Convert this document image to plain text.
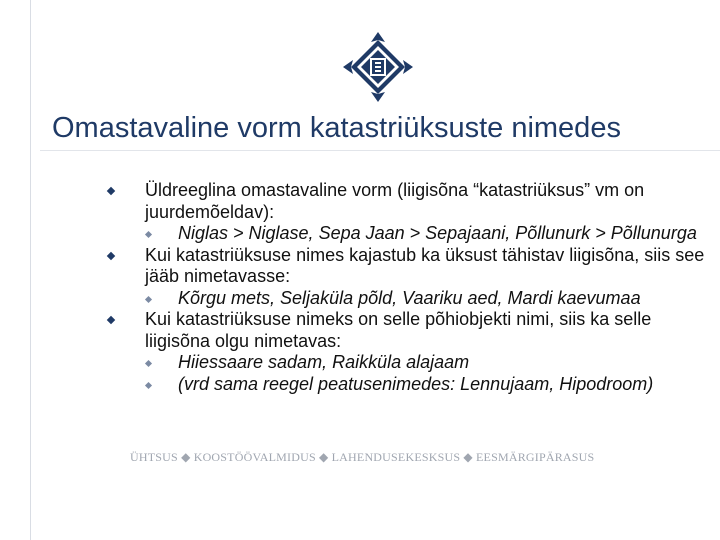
Omastavaline vorm katastriüksuste nimedes
Üldreeglina omastavaline vorm (liigisõna “katastriüksus” vm on juurdemõeldav):
Niglas > Niglase, Sepa Jaan > Sepajaani, Põllunurk > Põllunurga
Kui katastriüksuse nimes kajastub ka üksust tähistav liigisõna, siis see jääb nimetavasse:
Kõrgu mets, Seljaküla põld, Vaariku aed, Mardi kaevumaa
Kui katastriüksuse nimeks on selle põhiobjekti nimi, siis ka selle liigisõna olgu nimetavas:
Hiiessaare sadam, Raikküla alajaam
(vrd sama reegel peatusenimedes: Lennujaam, Hipodroom)
ÜHTSUS ◆ KOOSTÖÖVALMIDUS ◆ LAHENDUSEKESKSUS ◆ EESMÄRGIPÄRASUS
